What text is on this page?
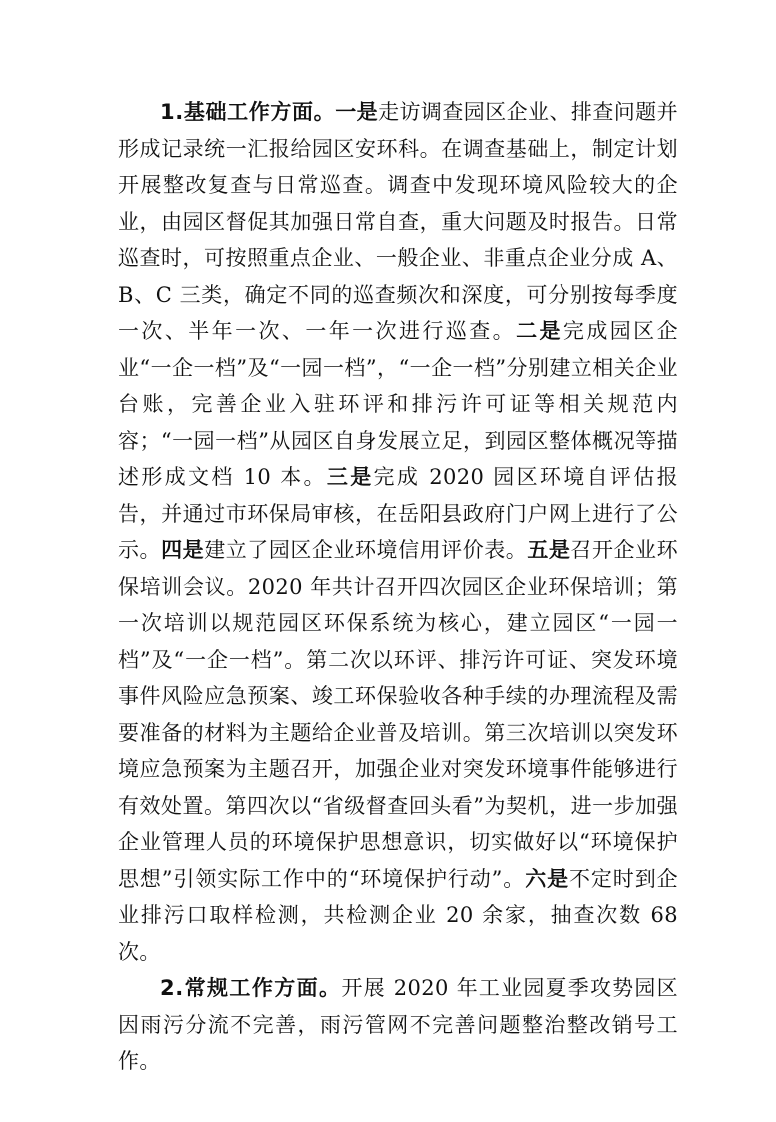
1.基础工作方面。一是走访调查园区企业、排查问题并形成记录统一汇报给园区安环科。在调查基础上，制定计划开展整改复查与日常巡查。调查中发现环境风险较大的企业，由园区督促其加强日常自查，重大问题及时报告。日常巡查时，可按照重点企业、一般企业、非重点企业分成 A、B、C 三类，确定不同的巡查频次和深度，可分别按每季度一次、半年一次、一年一次进行巡查。二是完成园区企业“一企一档”及“一园一档”，“一企一档”分别建立相关企业台账，完善企业入驻环评和排污许可证等相关规范内容；“一园一档”从园区自身发展立足，到园区整体概况等描述形成文档 10 本。三是完成 2020 园区环境自评估报告，并通过市环保局审核，在岳阳县政府门户网上进行了公示。四是建立了园区企业环境信用评价表。五是召开企业环保培训会议。2020 年共计召开四次园区企业环保培训；第一次培训以规范园区环保系统为核心，建立园区“一园一档”及“一企一档”。第二次以环评、排污许可证、突发环境事件风险应急预案、竣工环保验收各种手续的办理流程及需要准备的材料为主题给企业普及培训。第三次培训以突发环境应急预案为主题召开，加强企业对突发环境事件能够进行有效处置。第四次以“省级督查回头看”为契机，进一步加强企业管理人员的环境保护思想意识，切实做好以“环境保护思想”引领实际工作中的“环境保护行动”。六是不定时到企业排污口取样检测，共检测企业 20 余家，抽查次数 68 次。

2.常规工作方面。开展 2020 年工业园夏季攻势园区因雨污分流不完善，雨污管网不完善问题整治整改销号工作。
